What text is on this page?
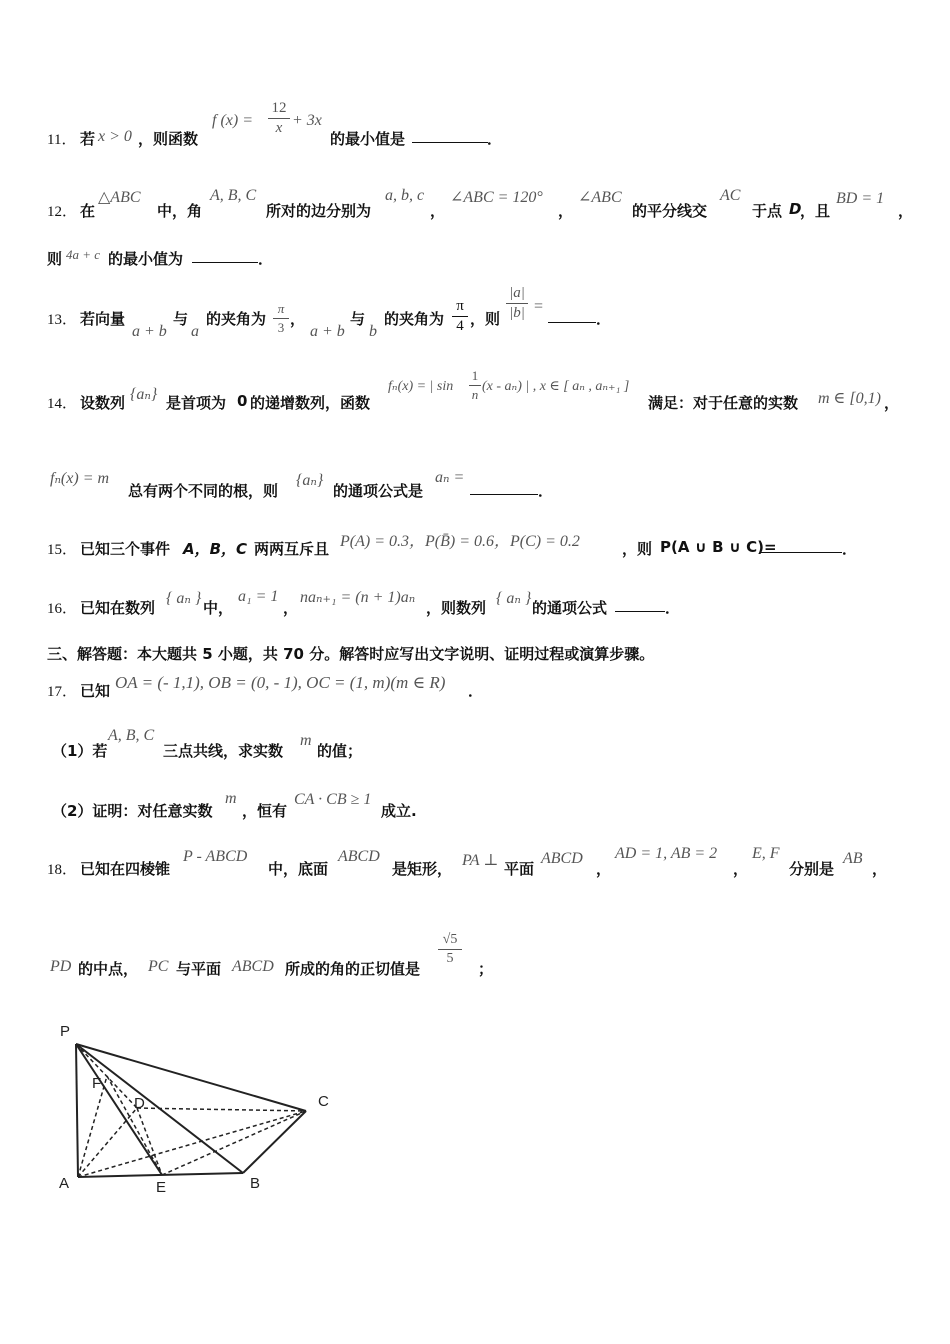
11． 若 x > 0 ，则函数
f (x) =
12
x + 3x
的最小值是	．
12． 在
△ABC
中，角
A, B, C
所对的边分别为
a, b, c
，
∠ABC = 120°
，
∠ABC
的平分线交
AC
于点 D
，且
BD = 1
，
则 4a + c 的最小值为	．
13． 若向量
a + b
与
a
的夹角为
π
3 ，
a + b
与
b
的夹角为
π
4 ，则
|a|
|b| =
．
14． 设数列 {aₙ} 是首项为 0 的递增数列，函数
fₙ(x) = | sin
1
n
(x - aₙ) | , x ∈ [ aₙ , aₙ₊₁ ]
满足：对于任意的实数 m ∈ [0,1) ，
fₙ(x) = m
总有两个不同的根，则
{aₙ}
的通项公式是
aₙ =
．
15． 已知三个事件 A，B，C 两两互斥且 P(A) = 0.3，P(B̄) = 0.6，P(C) = 0.2	，则 P(A ∪ B ∪ C)=	．
16． 已知在数列
{ aₙ }
中，
a₁ = 1
，
naₙ₊₁ = (n + 1)aₙ
，则数列
{ aₙ }
的通项公式	．
三、解答题：本大题共 5 小题，共 70 分。解答时应写出文字说明、证明过程或演算步骤。
17． 已知 OA = (- 1,1), OB = (0, - 1), OC = (1, m)(m ∈ R) ．
（1）若
A, B, C
三点共线，求实数
m
的值；
（2）证明：对任意实数
m
，恒有
CA · CB ≥ 1
成立.
18． 已知在四棱锥
P - ABCD
中，底面
ABCD
是矩形， PA ⊥ 平面
ABCD
，
AD = 1, AB = 2
，
E, F
分别是
AB
，
PD 的中点， PC 与平面 ABCD 所成的角的正切值是
√5
5
；
P
F
D	C
A	E	B
